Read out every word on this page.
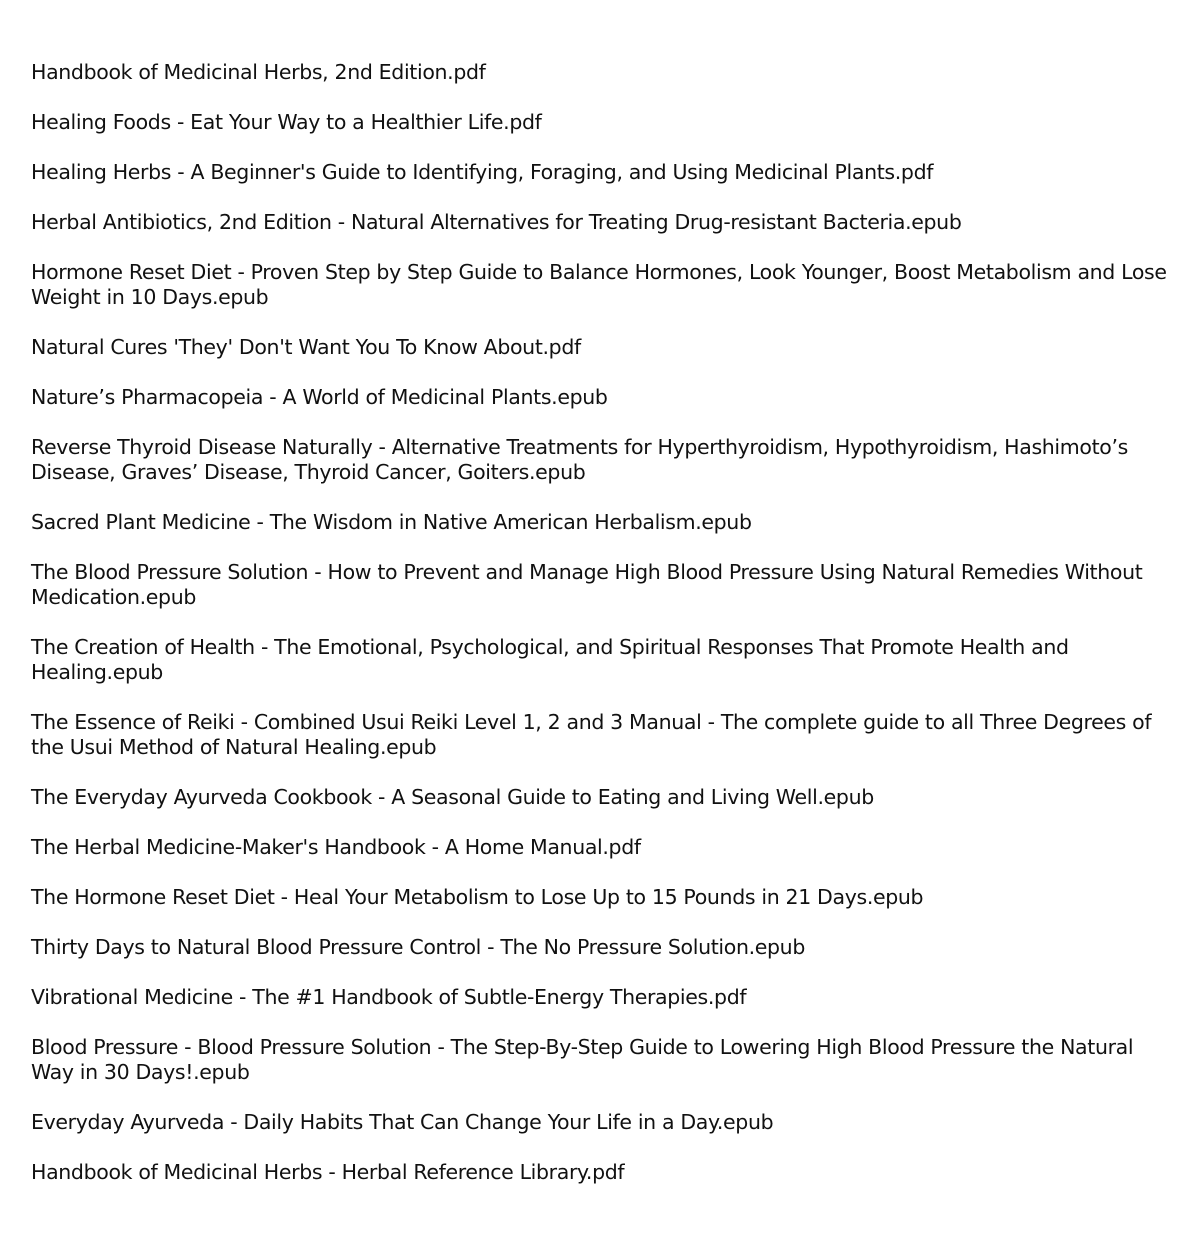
Handbook of Medicinal Herbs, 2nd Edition.pdf
Healing Foods - Eat Your Way to a Healthier Life.pdf
Healing Herbs - A Beginner's Guide to Identifying, Foraging, and Using Medicinal Plants.pdf
Herbal Antibiotics, 2nd Edition - Natural Alternatives for Treating Drug-resistant Bacteria.epub
Hormone Reset Diet - Proven Step by Step Guide to Balance Hormones, Look Younger, Boost Metabolism and Lose Weight in 10 Days.epub
Natural Cures 'They' Don't Want You To Know About.pdf
Nature’s Pharmacopeia - A World of Medicinal Plants.epub
Reverse Thyroid Disease Naturally - Alternative Treatments for Hyperthyroidism, Hypothyroidism, Hashimoto’s Disease, Graves’ Disease, Thyroid Cancer, Goiters.epub
Sacred Plant Medicine - The Wisdom in Native American Herbalism.epub
The Blood Pressure Solution - How to Prevent and Manage High Blood Pressure Using Natural Remedies Without Medication.epub
The Creation of Health - The Emotional, Psychological, and Spiritual Responses That Promote Health and Healing.epub
The Essence of Reiki - Combined Usui Reiki Level 1, 2 and 3 Manual - The complete guide to all Three Degrees of the Usui Method of Natural Healing.epub
The Everyday Ayurveda Cookbook - A Seasonal Guide to Eating and Living Well.epub
The Herbal Medicine-Maker's Handbook - A Home Manual.pdf
The Hormone Reset Diet - Heal Your Metabolism to Lose Up to 15 Pounds in 21 Days.epub
Thirty Days to Natural Blood Pressure Control - The No Pressure Solution.epub
Vibrational Medicine - The #1 Handbook of Subtle-Energy Therapies.pdf
Blood Pressure - Blood Pressure Solution - The Step-By-Step Guide to Lowering High Blood Pressure the Natural Way in 30 Days!.epub
Everyday Ayurveda - Daily Habits That Can Change Your Life in a Day.epub
Handbook of Medicinal Herbs - Herbal Reference Library.pdf
